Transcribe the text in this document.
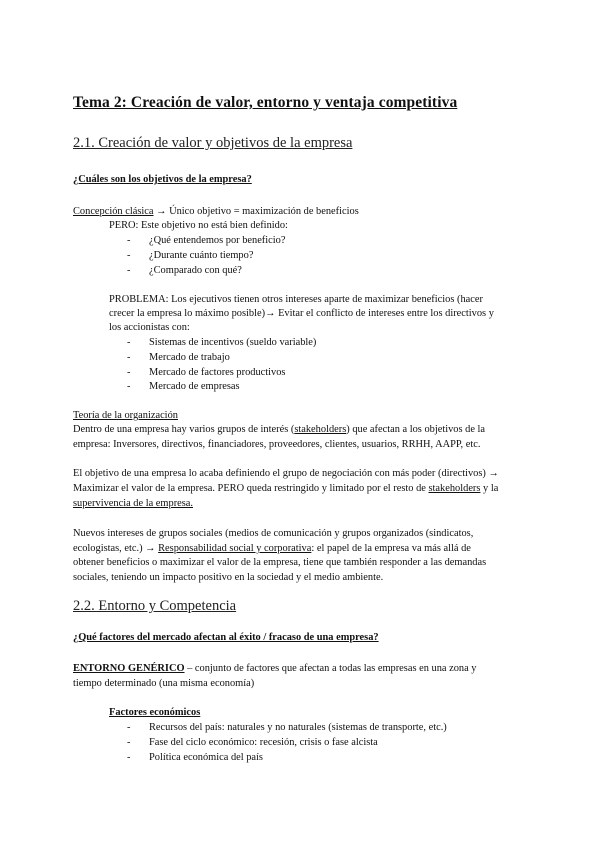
Tema 2: Creación de valor, entorno y ventaja competitiva
2.1. Creación de valor y objetivos de la empresa
¿Cuáles son los objetivos de la empresa?
Concepción clásica → Único objetivo = maximización de beneficios
PERO: Este objetivo no está bien definido:
- ¿Qué entendemos por beneficio?
- ¿Durante cuánto tiempo?
- ¿Comparado con qué?
PROBLEMA: Los ejecutivos tienen otros intereses aparte de maximizar beneficios (hacer
crecer la empresa lo máximo posible)→ Evitar el conflicto de intereses entre los directivos y
los accionistas con:
- Sistemas de incentivos (sueldo variable)
- Mercado de trabajo
- Mercado de factores productivos
- Mercado de empresas
Teoría de la organización
Dentro de una empresa hay varios grupos de interés (stakeholders) que afectan a los objetivos de la
empresa: Inversores, directivos, financiadores, proveedores, clientes, usuarios, RRHH, AAPP, etc.
El objetivo de una empresa lo acaba definiendo el grupo de negociación con más poder (directivos) →
Maximizar el valor de la empresa. PERO queda restringido y limitado por el resto de stakeholders y la
supervivencia de la empresa.
Nuevos intereses de grupos sociales (medios de comunicación y grupos organizados (sindicatos,
ecologistas, etc.) → Responsabilidad social y corporativa: el papel de la empresa va más allá de
obtener beneficios o maximizar el valor de la empresa, tiene que también responder a las demandas
sociales, teniendo un impacto positivo en la sociedad y el medio ambiente.
2.2. Entorno y Competencia
¿Qué factores del mercado afectan al éxito / fracaso de una empresa?
ENTORNO GENÉRICO – conjunto de factores que afectan a todas las empresas en una zona y
tiempo determinado (una misma economía)
Factores económicos
- Recursos del país: naturales y no naturales (sistemas de transporte, etc.)
- Fase del ciclo económico: recesión, crisis o fase alcista
- Política económica del país
